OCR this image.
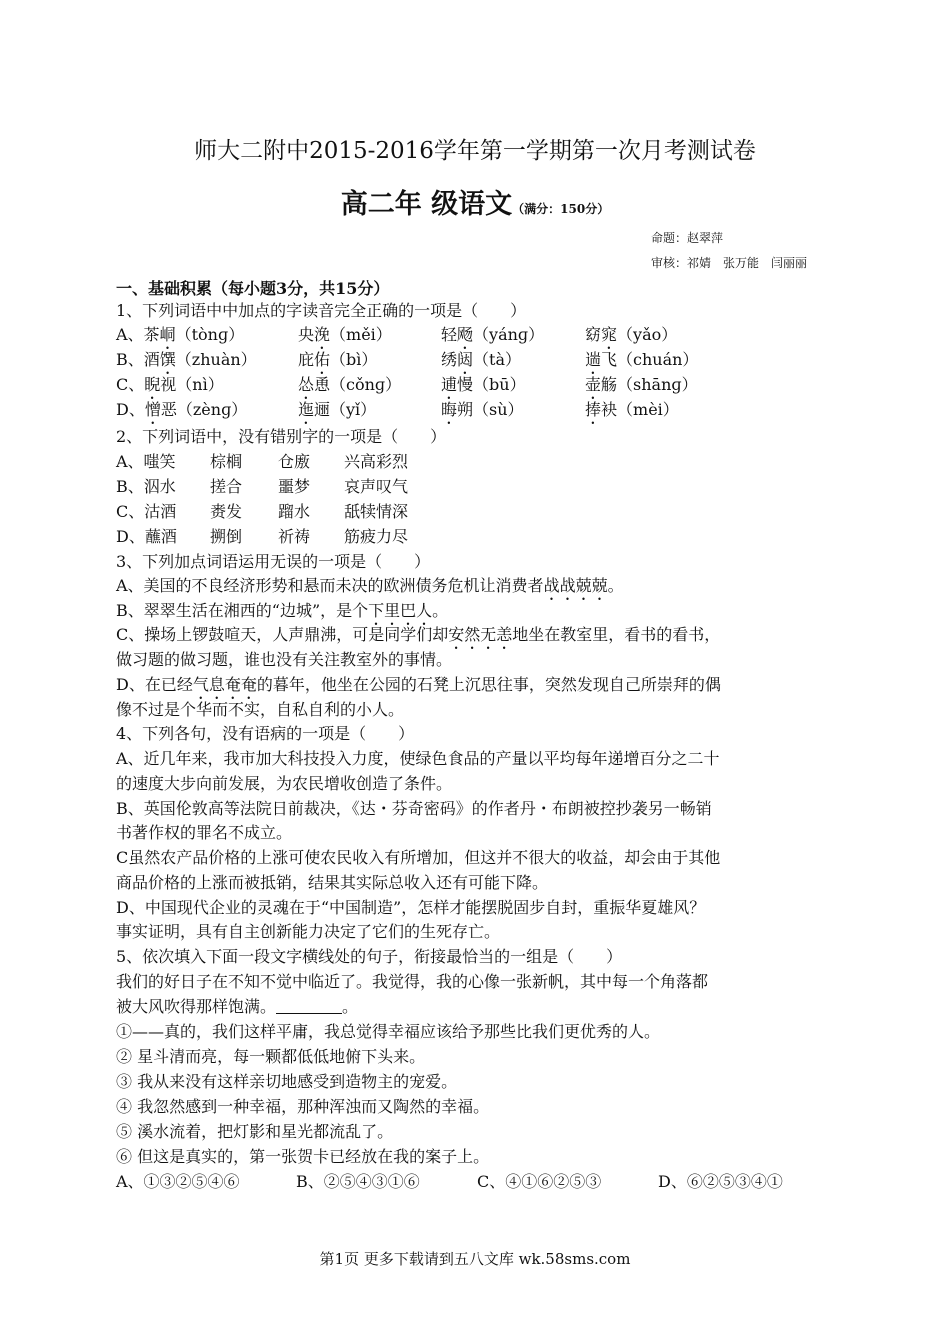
师大二附中2015-2016学年第一学期第一次月考测试卷
高二年 级语文（满分：150分）
命题：赵翠萍
审核：祁婧　张万能　闫丽丽
一、基础积累（每小题3分，共15分）
1、下列词语中中加点的字读音完全正确的一项是（　　）
A、茶峒（tònɡ）	央浼（měi）	轻飏（yánɡ）	窈窕（yǎo）
B、酒馔（zhuàn）	庇佑（bì）	绣闼（tà）	遄飞（chuán）
C、睨视（nì）	怂恿（cǒnɡ） 逋慢（bū）	壶觞（shānɡ）
D、憎恶（zènɡ）	迤逦（yǐ）	晦朔（sù）	捧袂（mèi）
2、下列词语中，没有错别字的一项是（　　）
A、嗤笑 棕榈 仓廒 兴高彩烈
B、泅水 搓合 噩梦 哀声叹气
C、沽酒 赉发 蹓水 舐犊情深
D、蘸酒 搠倒 祈祷 筋疲力尽
3、下列加点词语运用无误的一项是（　　）
A、美国的不良经济形势和悬而未决的欧洲债务危机让消费者战战兢兢。
B、翠翠生活在湘西的“边城”，是个下里巴人。
C、操场上锣鼓喧天，人声鼎沸，可是同学们却安然无恙地坐在教室里，看书的看书，
做习题的做习题，谁也没有关注教室外的事情。
D、在已经气息奄奄的暮年，他坐在公园的石凳上沉思往事，突然发现自己所崇拜的偶
像不过是个华而不实，自私自利的小人。
4、下列各句，没有语病的一项是（　　）
A、近几年来，我市加大科技投入力度，使绿色食品的产量以平均每年递增百分之二十
的速度大步向前发展，为农民增收创造了条件。
B、英国伦敦高等法院日前裁决，《达・芬奇密码》的作者丹・布朗被控抄袭另一畅销
书著作权的罪名不成立。
C虽然农产品价格的上涨可使农民收入有所增加，但这并不很大的收益，却会由于其他
商品价格的上涨而被抵销，结果其实际总收入还有可能下降。
D、中国现代企业的灵魂在于“中国制造”，怎样才能摆脱固步自封，重振华夏雄风？
事实证明，具有自主创新能力决定了它们的生死存亡。
5、依次填入下面一段文字横线处的句子，衔接最恰当的一组是（　　）
我们的好日子在不知不觉中临近了。我觉得，我的心像一张新帆，其中每一个角落都
被大风吹得那样饱满。	。
①——真的，我们这样平庸，我总觉得幸福应该给予那些比我们更优秀的人。
② 星斗清而亮，每一颗都低低地俯下头来。
③ 我从来没有这样亲切地感受到造物主的宠爱。
④ 我忽然感到一种幸福，那种浑浊而又陶然的幸福。
⑤ 溪水流着，把灯影和星光都流乱了。
⑥ 但这是真实的，第一张贺卡已经放在我的案子上。
A、①③②⑤④⑥	B、②⑤④③①⑥	C、④①⑥②⑤③	D、⑥②⑤③④①
第1页 更多下载请到五八文库 wk.58sms.com
